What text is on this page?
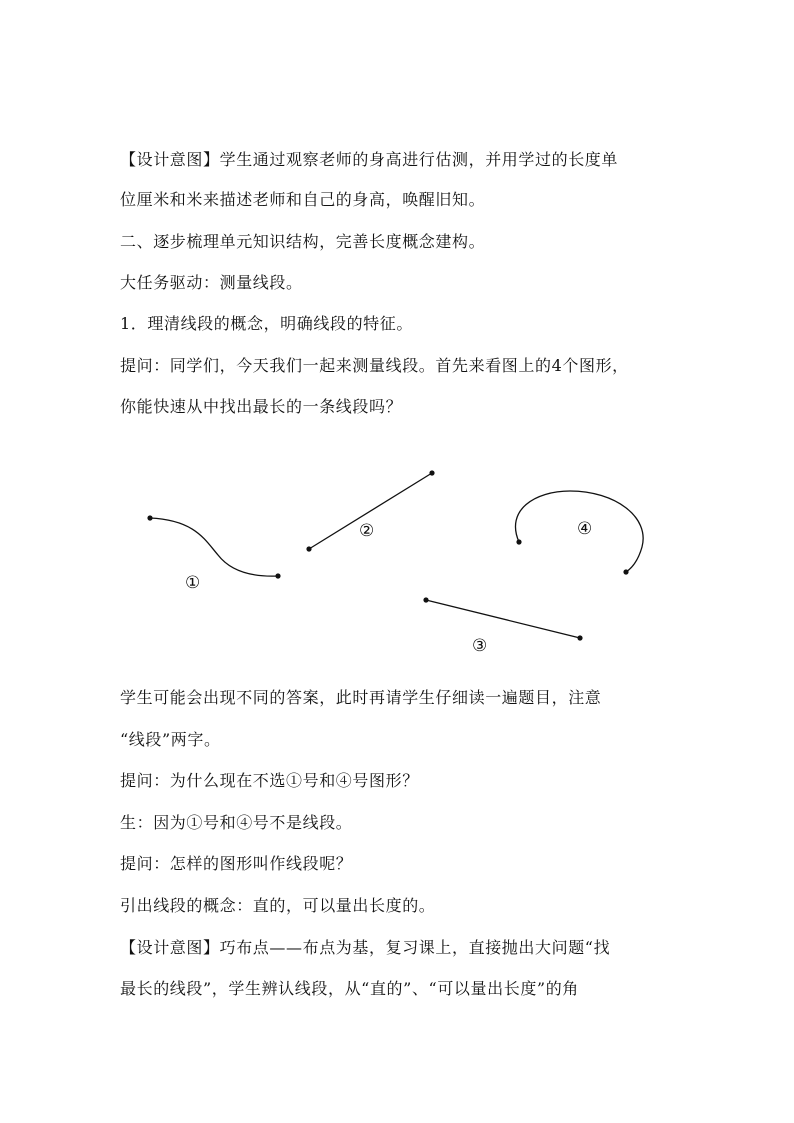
【设计意图】学生通过观察老师的身高进行估测，并用学过的长度单
位厘米和米来描述老师和自己的身高，唤醒旧知。
二、逐步梳理单元知识结构，完善长度概念建构。
大任务驱动：测量线段。
1．理清线段的概念，明确线段的特征。
提问：同学们，今天我们一起来测量线段。首先来看图上的4个图形，
你能快速从中找出最长的一条线段吗？
①
②
③
④
学生可能会出现不同的答案，此时再请学生仔细读一遍题目，注意
“线段”两字。
提问：为什么现在不选①号和④号图形？
生：因为①号和④号不是线段。
提问：怎样的图形叫作线段呢？
引出线段的概念：直的，可以量出长度的。
【设计意图】巧布点——布点为基，复习课上，直接抛出大问题“找
最长的线段”，学生辨认线段，从“直的”、“可以量出长度”的角
